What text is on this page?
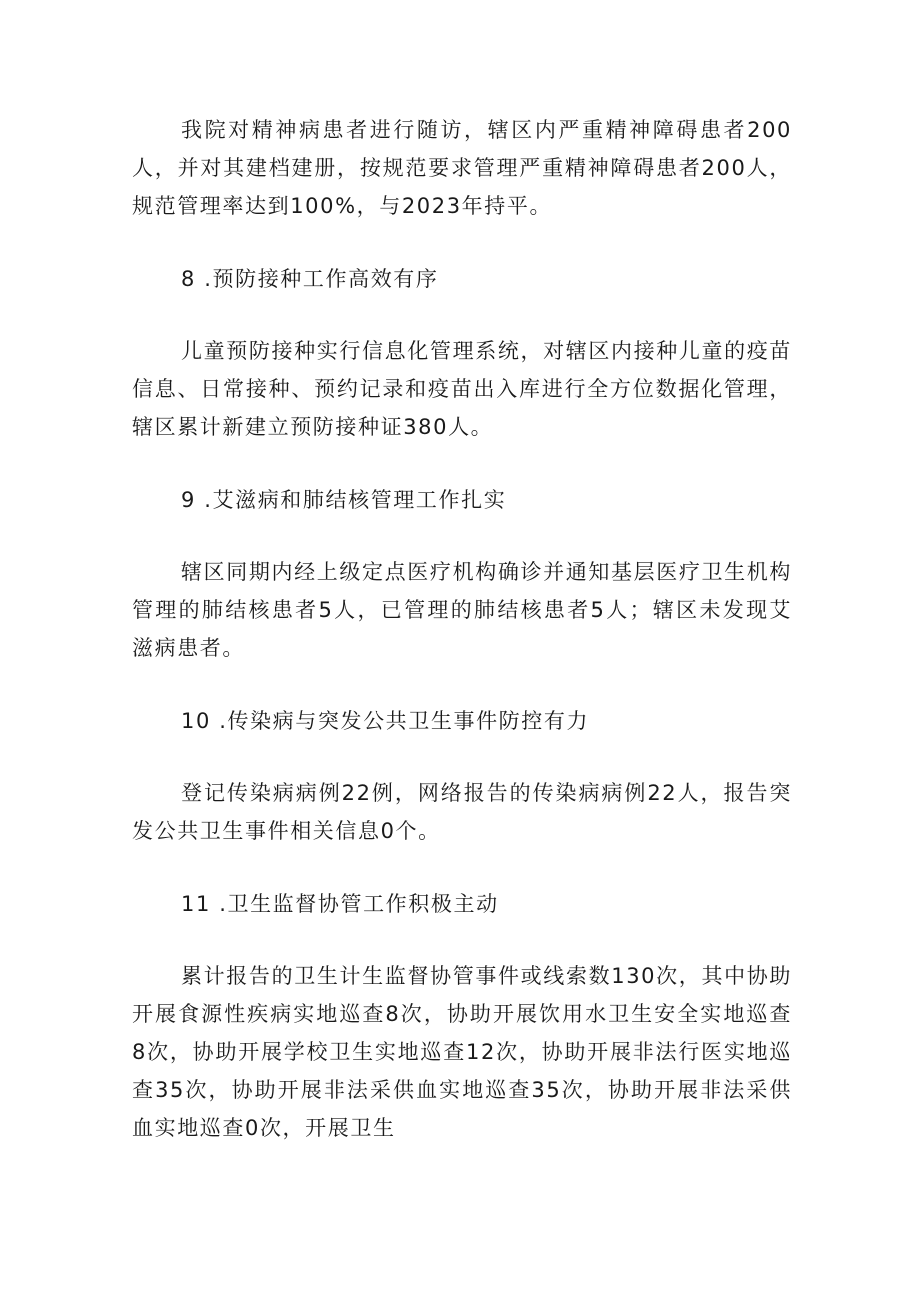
我院对精神病患者进行随访，辖区内严重精神障碍患者200人，并对其建档建册，按规范要求管理严重精神障碍患者200人，规范管理率达到100%，与2023年持平。

8 .预防接种工作高效有序

儿童预防接种实行信息化管理系统，对辖区内接种儿童的疫苗信息、日常接种、预约记录和疫苗出入库进行全方位数据化管理，辖区累计新建立预防接种证380人。

9 .艾滋病和肺结核管理工作扎实

辖区同期内经上级定点医疗机构确诊并通知基层医疗卫生机构管理的肺结核患者5人，已管理的肺结核患者5人；辖区未发现艾滋病患者。

10 .传染病与突发公共卫生事件防控有力

登记传染病病例22例，网络报告的传染病病例22人，报告突发公共卫生事件相关信息0个。

11 .卫生监督协管工作积极主动

累计报告的卫生计生监督协管事件或线索数130次，其中协助开展食源性疾病实地巡查8次，协助开展饮用水卫生安全实地巡查8次，协助开展学校卫生实地巡查12次，协助开展非法行医实地巡查35次，协助开展非法采供血实地巡查35次，协助开展非法采供血实地巡查0次，开展卫生
